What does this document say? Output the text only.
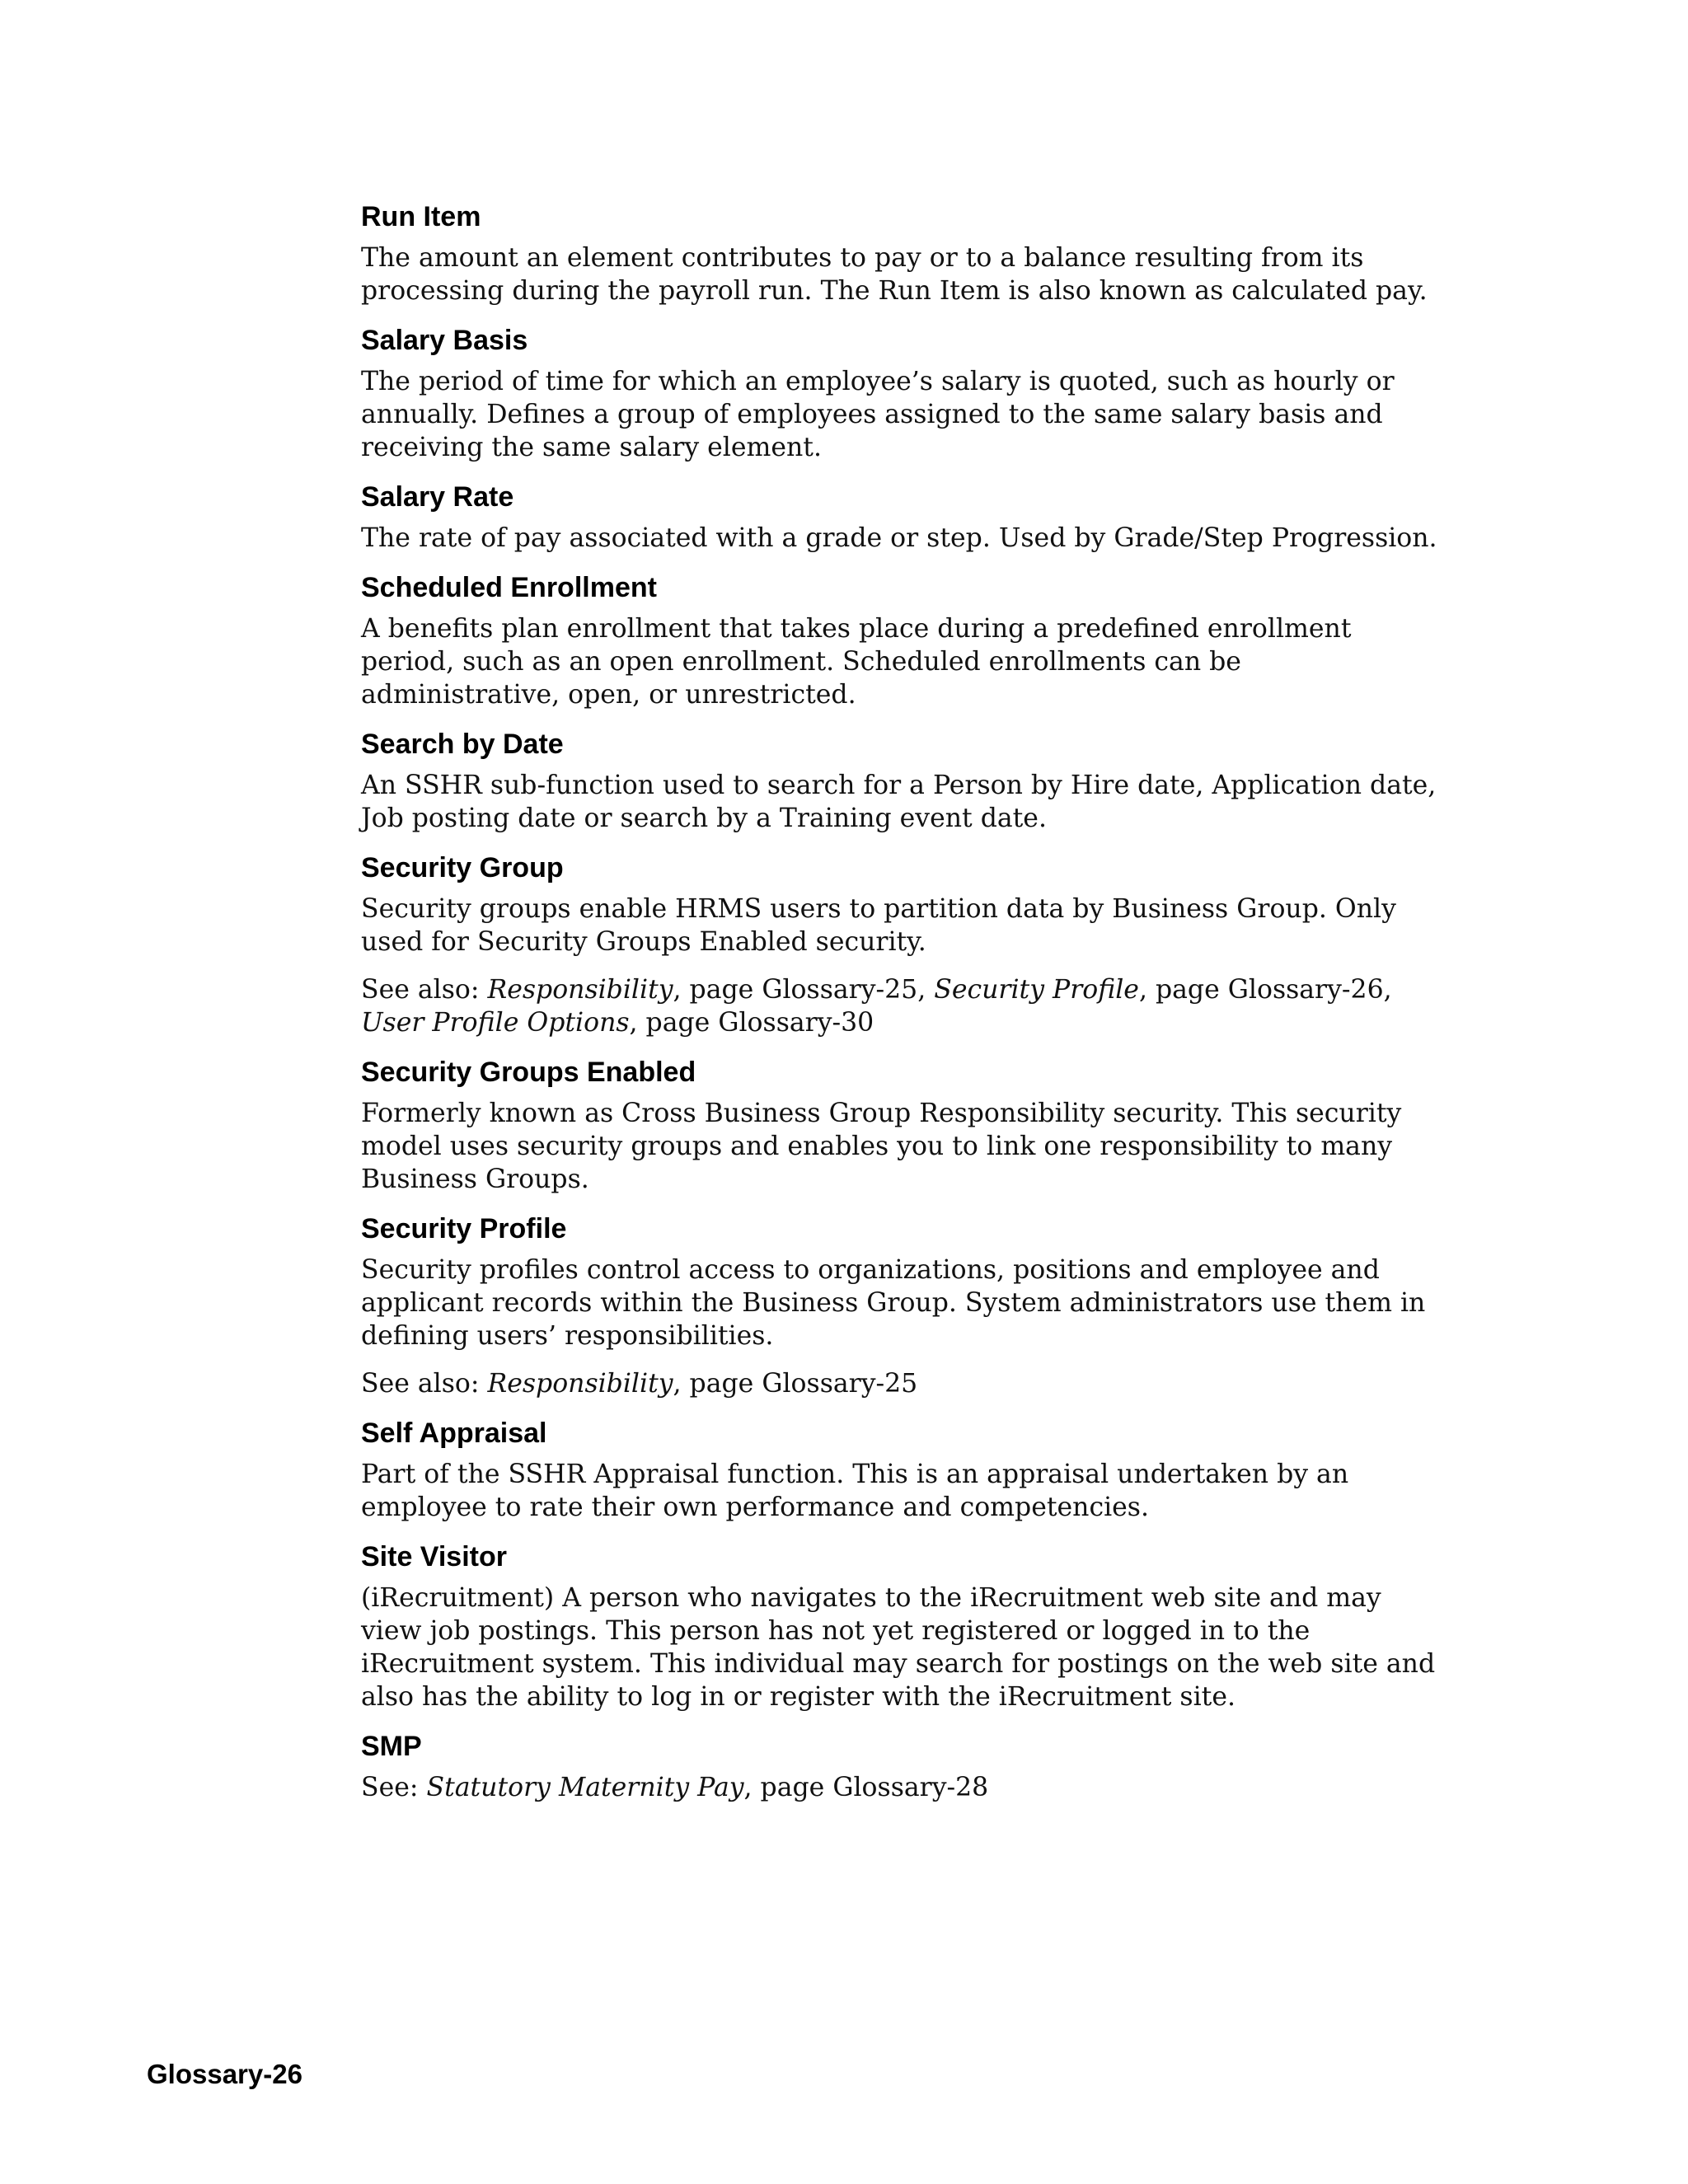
Run Item

The amount an element contributes to pay or to a balance resulting from its processing during the payroll run. The Run Item is also known as calculated pay.

Salary Basis

The period of time for which an employee’s salary is quoted, such as hourly or annually. Defines a group of employees assigned to the same salary basis and receiving the same salary element.

Salary Rate

The rate of pay associated with a grade or step. Used by Grade/Step Progression.

Scheduled Enrollment

A benefits plan enrollment that takes place during a predefined enrollment period, such as an open enrollment. Scheduled enrollments can be administrative, open, or unrestricted.

Search by Date

An SSHR sub-function used to search for a Person by Hire date, Application date, Job posting date or search by a Training event date.

Security Group

Security groups enable HRMS users to partition data by Business Group. Only used for Security Groups Enabled security.

See also: Responsibility, page Glossary-25, Security Profile, page Glossary-26, User Profile Options, page Glossary-30

Security Groups Enabled

Formerly known as Cross Business Group Responsibility security. This security model uses security groups and enables you to link one responsibility to many Business Groups.

Security Profile

Security profiles control access to organizations, positions and employee and applicant records within the Business Group. System administrators use them in defining users’ responsibilities.

See also: Responsibility, page Glossary-25

Self Appraisal

Part of the SSHR Appraisal function. This is an appraisal undertaken by an employee to rate their own performance and competencies.

Site Visitor

(iRecruitment) A person who navigates to the iRecruitment web site and may view job postings. This person has not yet registered or logged in to the iRecruitment system. This individual may search for postings on the web site and also has the ability to log in or register with the iRecruitment site.

SMP

See: Statutory Maternity Pay, page Glossary-28

Glossary-26
